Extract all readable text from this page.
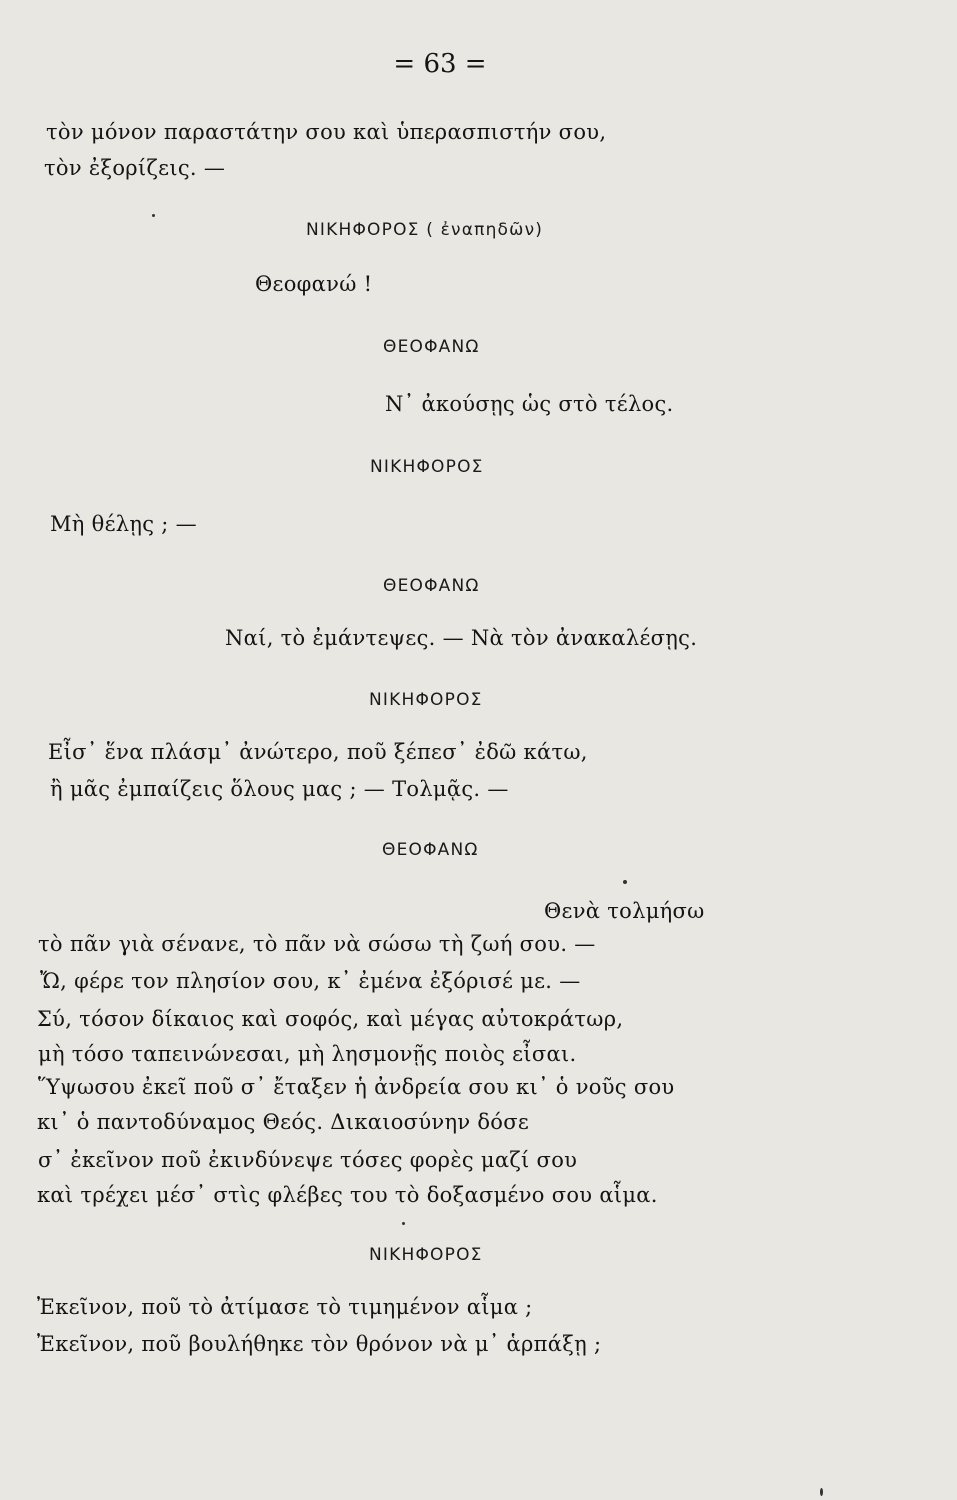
= 63 =
τὸν μόνον παραστάτην σου καὶ ὑπερασπιστήν σου,
τὸν ἐξορίζεις. —
ΝΙΚΗΦΟΡΟΣ ( ἐναπηδῶν)
Θεοφανώ !
ΘΕΟΦΑΝΩ
Ν᾿ ἀκούσῃς ὡς στὸ τέλος.
ΝΙΚΗΦΟΡΟΣ
Μὴ θέλῃς ; —
ΘΕΟΦΑΝΩ
Ναί, τὸ ἐμάντεψες. — Νὰ τὸν ἀνακαλέσῃς.
ΝΙΚΗΦΟΡΟΣ
Εἶσ᾿ ἕνα πλάσμ᾿ ἀνώτερο, ποῦ ξέπεσ᾿ ἐδῶ κάτω,
ἢ μᾶς ἐμπαίζεις ὅλους μας ; — Τολμᾷς. —
ΘΕΟΦΑΝΩ
Θενὰ τολμήσω
τὸ πᾶν γιὰ σένανε, τὸ πᾶν νὰ σώσω τὴ ζωή σου. —
Ὤ, φέρε τον πλησίον σου, κ᾿ ἐμένα ἐξόρισέ με. —
Σύ, τόσον δίκαιος καὶ σοφός, καὶ μέγας αὐτοκράτωρ,
μὴ τόσο ταπεινώνεσαι, μὴ λησμονῇς ποιὸς εἶσαι.
Ὕψωσου ἐκεῖ ποῦ σ᾿ ἔταξεν ἡ ἀνδρεία σου κι᾿ ὁ νοῦς σου
κι᾿ ὁ παντοδύναμος Θεός. Δικαιοσύνην δόσε
σ᾿ ἐκεῖνον ποῦ ἐκινδύνεψε τόσες φορὲς μαζί σου
καὶ τρέχει μέσ᾿ στὶς φλέβες του τὸ δοξασμένο σου αἷμα.
ΝΙΚΗΦΟΡΟΣ
Ἐκεῖνον, ποῦ τὸ ἀτίμασε τὸ τιμημένον αἷμα ;
Ἐκεῖνον, ποῦ βουλήθηκε τὸν θρόνον νὰ μ᾿ ἁρπάξῃ ;
